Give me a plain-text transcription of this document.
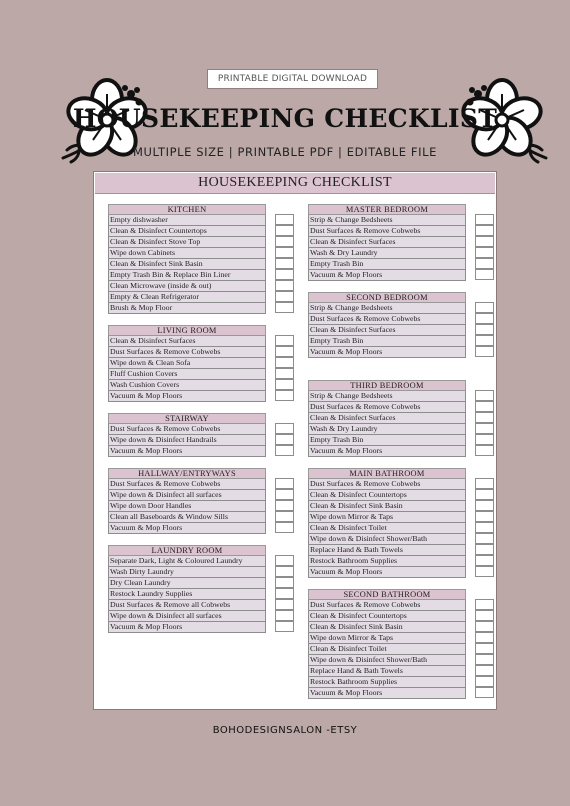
PRINTABLE DIGITAL DOWNLOAD
HOUSEKEEPING CHECKLIST
MULTIPLE SIZE | PRINTABLE PDF | EDITABLE FILE
HOUSEKEEPING CHECKLIST
KITCHEN
Empty dishwasher
Clean & Disinfect Countertops
Clean & Disinfect Stove Top
Wipe down Cabinets
Clean & Disinfect Sink Basin
Empty Trash Bin & Replace Bin Liner
Clean Microwave (inside & out)
Empty & Clean Refrigerator
Brush & Mop Floor
LIVING ROOM
Clean & Disinfect Surfaces
Dust Surfaces & Remove Cobwebs
Wipe down & Clean Sofa
Fluff Cushion Covers
Wash Cushion Covers
Vacuum & Mop Floors
STAIRWAY
Dust Surfaces & Remove Cobwebs
Wipe down & Disinfect Handrails
Vacuum & Mop Floors
HALLWAY/ENTRYWAYS
Dust Surfaces & Remove Cobwebs
Wipe down & Disinfect all surfaces
Wipe down Door Handles
Clean all Baseboards & Window Sills
Vacuum & Mop Floors
LAUNDRY ROOM
Separate Dark, Light & Coloured Laundry
Wash Dirty Laundry
Dry Clean Laundry
Restock Laundry Supplies
Dust Surfaces & Remove all Cobwebs
Wipe down & Disinfect all surfaces
Vacuum & Mop Floors
MASTER BEDROOM
Strip & Change Bedsheets
Dust Surfaces & Remove Cobwebs
Clean & Disinfect Surfaces
Wash & Dry Laundry
Empty Trash Bin
Vacuum & Mop Floors
SECOND BEDROOM
Strip & Change Bedsheets
Dust Surfaces & Remove Cobwebs
Clean & Disinfect Surfaces
Empty Trash Bin
Vacuum & Mop Floors
THIRD BEDROOM
Strip & Change Bedsheets
Dust Surfaces & Remove Cobwebs
Clean & Disinfect Surfaces
Wash & Dry Laundry
Empty Trash Bin
Vacuum & Mop Floors
MAIN BATHROOM
Dust Surfaces & Remove Cobwebs
Clean & Disinfect Countertops
Clean & Disinfect Sink Basin
Wipe down Mirror & Taps
Clean & Disinfect Toilet
Wipe down & Disinfect Shower/Bath
Replace Hand & Bath Towels
Restock Bathroom Supplies
Vacuum & Mop Floors
SECOND BATHROOM
Dust Surfaces & Remove Cobwebs
Clean & Disinfect Countertops
Clean & Disinfect Sink Basin
Wipe down Mirror & Taps
Clean & Disinfect Toilet
Wipe down & Disinfect Shower/Bath
Replace Hand & Bath Towels
Restock Bathroom Supplies
Vacuum & Mop Floors
BOHODESIGNSALON -ETSY
